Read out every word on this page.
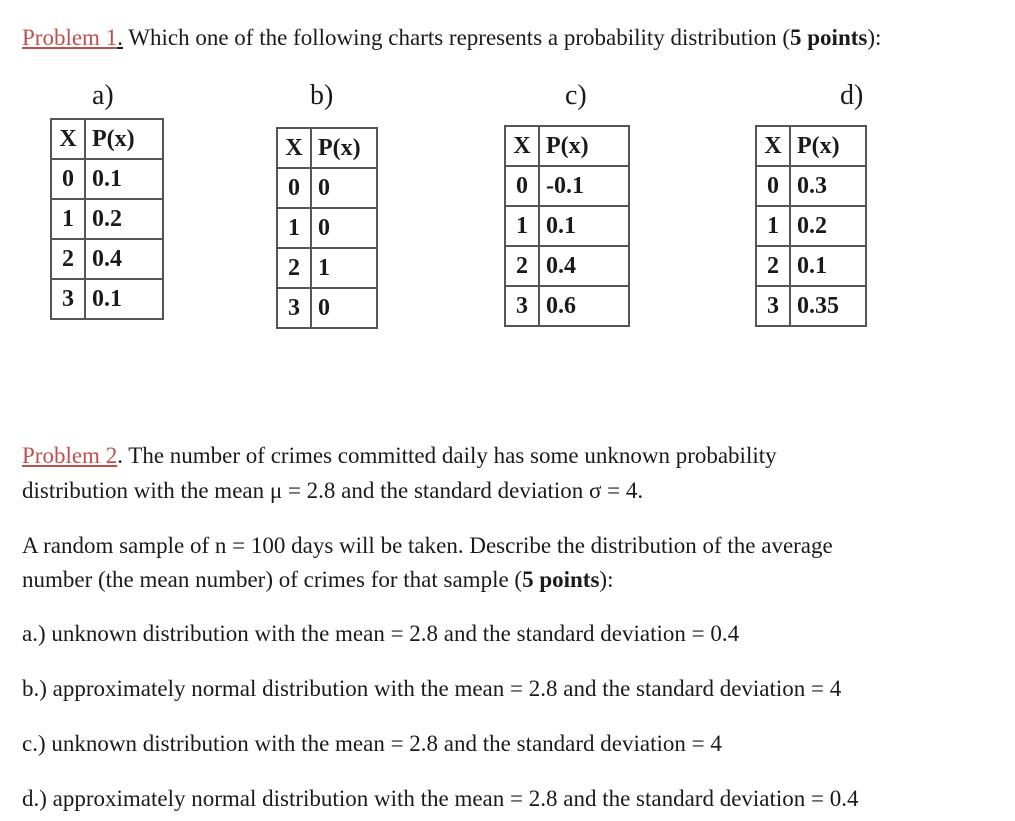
Problem 1. Which one of the following charts represents a probability distribution (5 points):
a)	b)	c)	d)
X	P(x)
0	0.1
1	0.2
2	0.4
3	0.1
X	P(x)
0	0
1	0
2	1
3	0
X	P(x)
0	-0.1
1	0.1
2	0.4
3	0.6
X	P(x)
0	0.3
1	0.2
2	0.1
3	0.35
Problem 2. The number of crimes committed daily has some unknown probability
distribution with the mean μ = 2.8 and the standard deviation σ = 4.
A random sample of n = 100 days will be taken. Describe the distribution of the average
number (the mean number) of crimes for that sample (5 points):
a.) unknown distribution with the mean = 2.8 and the standard deviation = 0.4
b.) approximately normal distribution with the mean = 2.8 and the standard deviation = 4
c.) unknown distribution with the mean = 2.8 and the standard deviation = 4
d.) approximately normal distribution with the mean = 2.8 and the standard deviation = 0.4
